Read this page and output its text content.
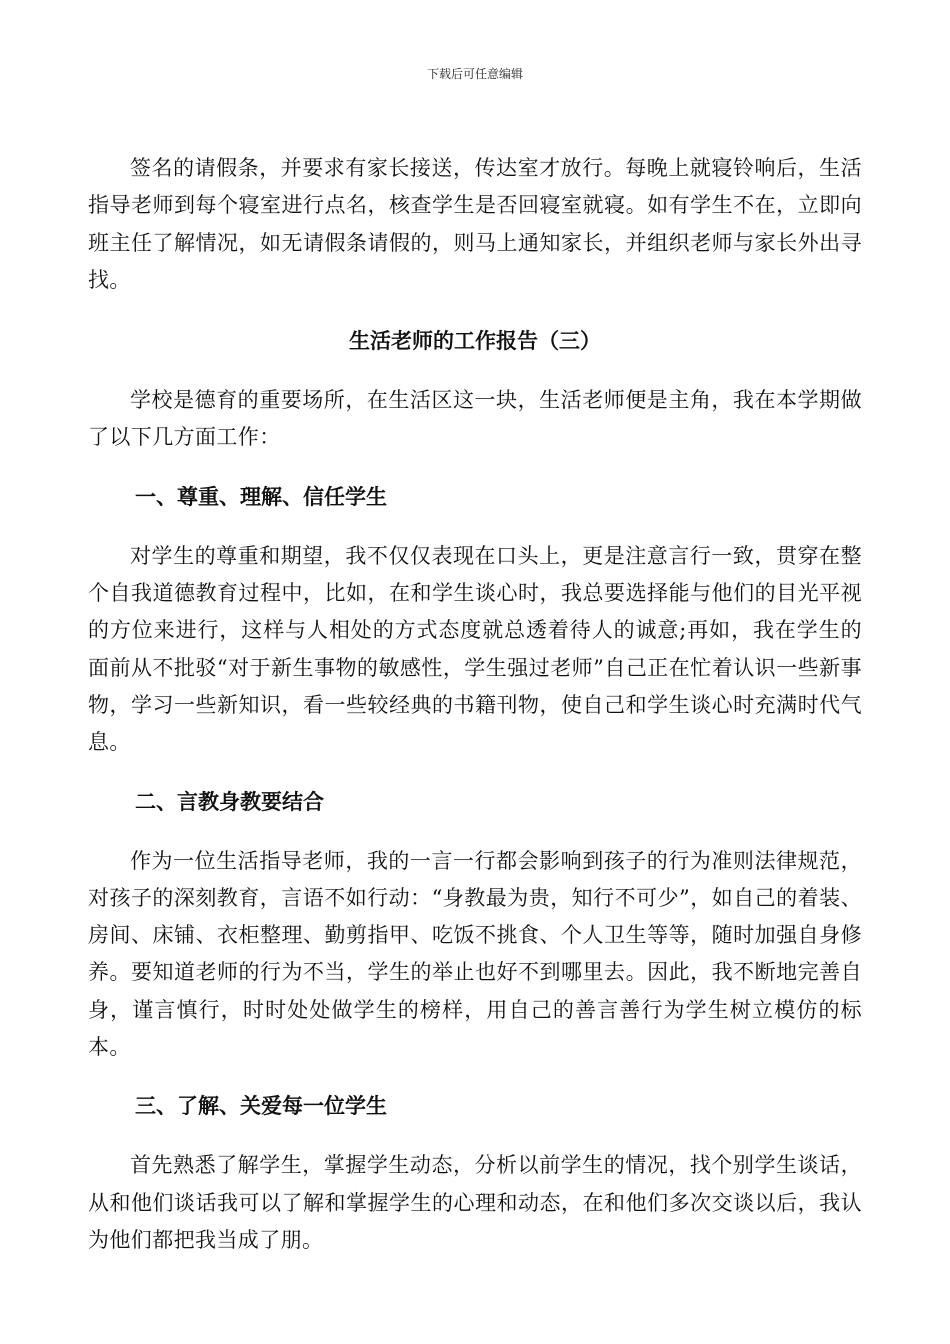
下载后可任意编辑

签名的请假条，并要求有家长接送，传达室才放行。每晚上就寝铃响后，生活指导老师到每个寝室进行点名，核查学生是否回寝室就寝。如有学生不在，立即向班主任了解情况，如无请假条请假的，则马上通知家长，并组织老师与家长外出寻找。

生活老师的工作报告（三）

学校是德育的重要场所，在生活区这一块，生活老师便是主角，我在本学期做了以下几方面工作：

一、尊重、理解、信任学生

对学生的尊重和期望，我不仅仅表现在口头上，更是注意言行一致，贯穿在整个自我道德教育过程中，比如，在和学生谈心时，我总要选择能与他们的目光平视的方位来进行，这样与人相处的方式态度就总透着待人的诚意;再如，我在学生的面前从不批驳“对于新生事物的敏感性，学生强过老师”自己正在忙着认识一些新事物，学习一些新知识，看一些较经典的书籍刊物，使自己和学生谈心时充满时代气息。

二、言教身教要结合

作为一位生活指导老师，我的一言一行都会影响到孩子的行为准则法律规范，对孩子的深刻教育，言语不如行动：“身教最为贵，知行不可少”，如自己的着装、房间、床铺、衣柜整理、勤剪指甲、吃饭不挑食、个人卫生等等，随时加强自身修养。要知道老师的行为不当，学生的举止也好不到哪里去。因此，我不断地完善自身，谨言慎行，时时处处做学生的榜样，用自己的善言善行为学生树立模仿的标本。

三、了解、关爱每一位学生

首先熟悉了解学生，掌握学生动态，分析以前学生的情况，找个别学生谈话，从和他们谈话我可以了解和掌握学生的心理和动态，在和他们多次交谈以后，我认为他们都把我当成了朋。
